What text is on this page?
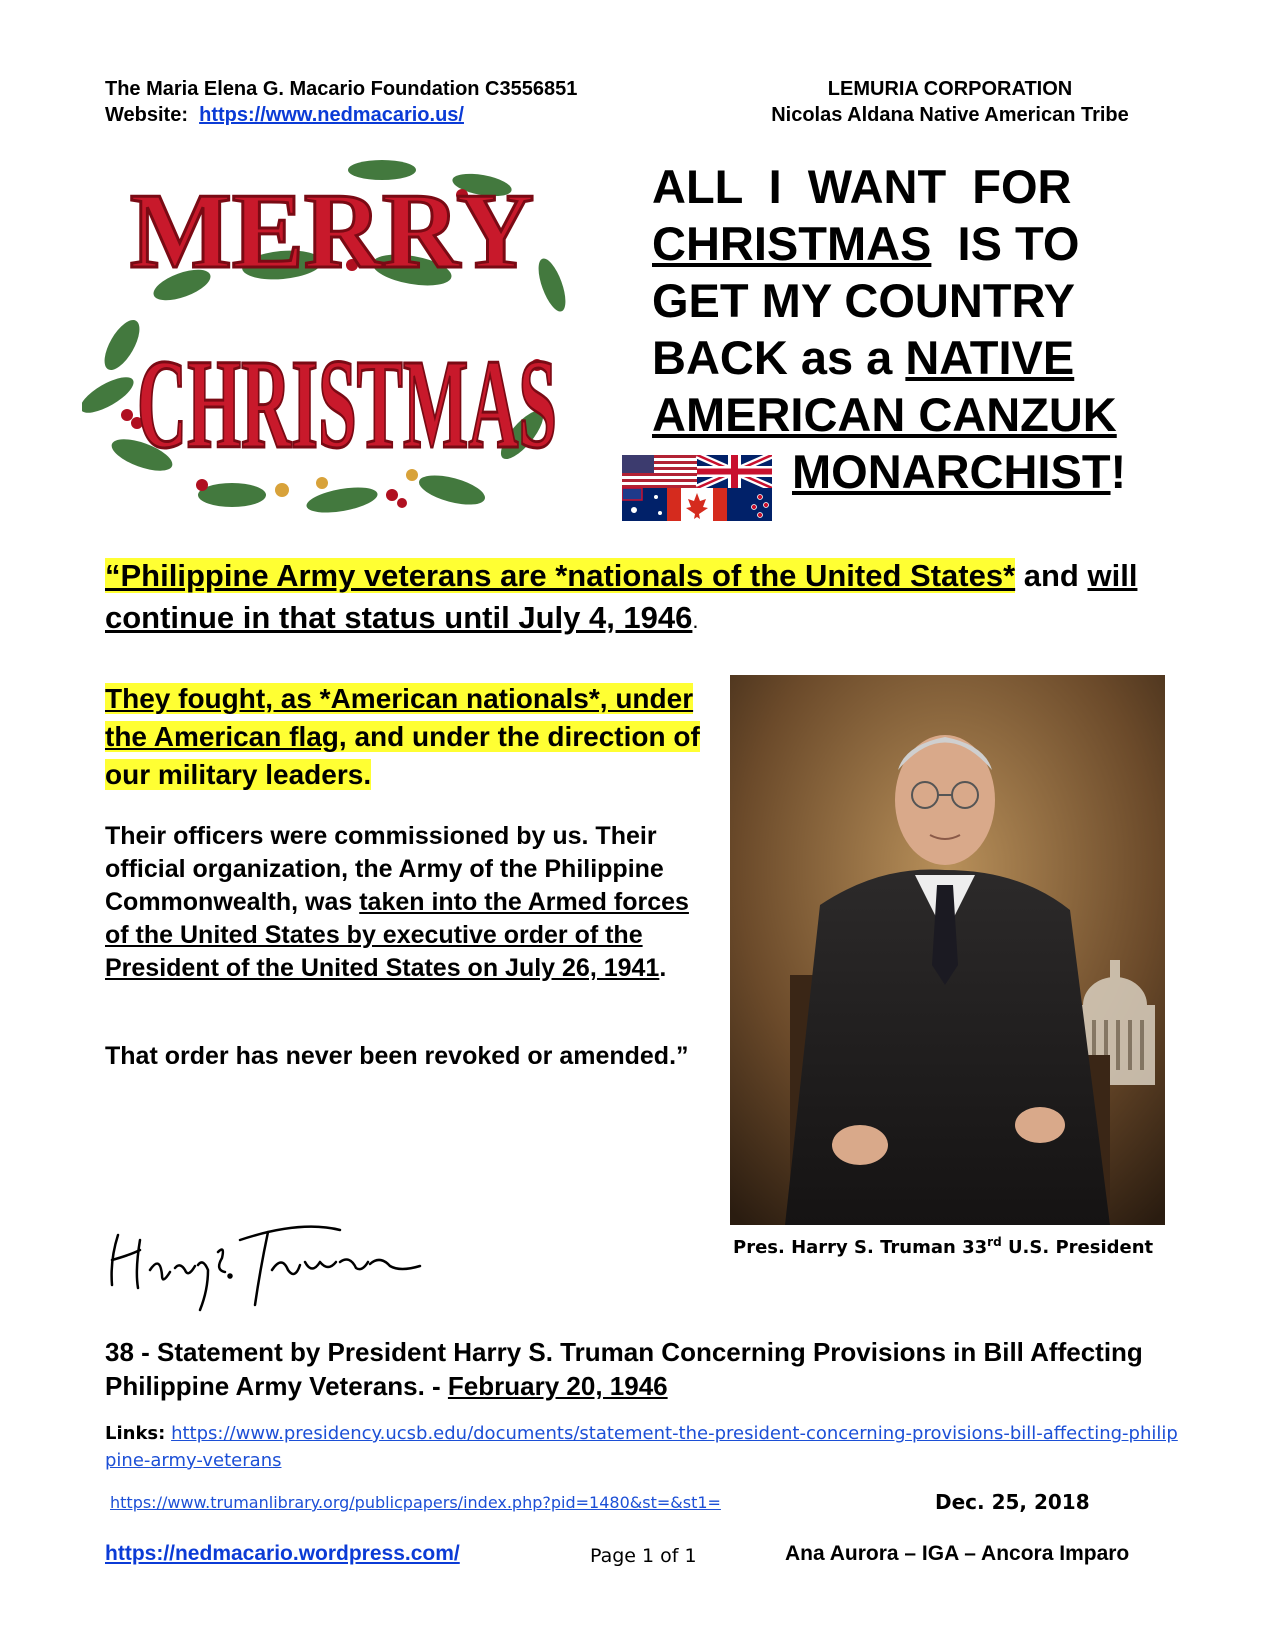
The Maria Elena G. Macario Foundation C3556851
Website: https://www.nedmacario.us/
LEMURIA CORPORATION
Nicolas Aldana Native American Tribe
MERRY
CHRISTMAS
ALL  I  WANT  FOR
CHRISTMAS  IS TO
GET MY COUNTRY
BACK as a NATIVE
AMERICAN CANZUK
MONARCHIST!
“Philippine Army veterans are *nationals of the United States* and will continue in that status until July 4, 1946.
They fought, as *American nationals*, under the American flag, and under the direction of our military leaders.
Their officers were commissioned by us. Their official organization, the Army of the Philippine Commonwealth, was taken into the Armed forces of the United States by executive order of the President of the United States on July 26, 1941.
That order has never been revoked or amended.”
Pres. Harry S. Truman 33rd U.S. President
38 - Statement by President Harry S. Truman Concerning Provisions in Bill Affecting Philippine Army Veterans. - February 20, 1946
Links: https://www.presidency.ucsb.edu/documents/statement-the-president-concerning-provisions-bill-affecting-philippine-army-veterans
https://www.trumanlibrary.org/publicpapers/index.php?pid=1480&st=&st1=	Dec. 25, 2018
https://nedmacario.wordpress.com/	Page 1 of 1	Ana Aurora – IGA – Ancora Imparo
